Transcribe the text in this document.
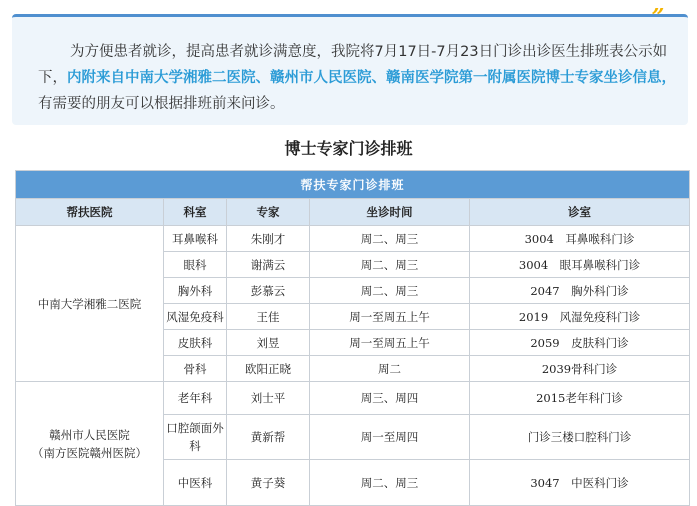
”

为方便患者就诊，提高患者就诊满意度，我院将7月17日-7月23日门诊出诊医生排班表公示如下，内附来自中南大学湘雅二医院、赣州市人民医院、赣南医学院第一附属医院博士专家坐诊信息，有需要的朋友可以根据排班前来问诊。

博士专家门诊排班
帮扶专家门诊排班				
帮扶医院	科室	专家	坐诊时间	诊室
中南大学湘雅二医院	耳鼻喉科	朱刚才	周二、周三	3004　耳鼻喉科门诊
	眼科	谢满云	周二、周三	3004　眼耳鼻喉科门诊
	胸外科	彭慕云	周二、周三	2047　胸外科门诊
	风湿免疫科	王佳	周一至周五上午	2019　风湿免疫科门诊
	皮肤科	刘昱	周一至周五上午	2059　皮肤科门诊
	骨科	欧阳正晓	周二	2039骨科门诊

赣州市人民医院
（南方医院赣州医院）	老年科	刘士平	周三、周四	2015老年科门诊
	口腔颌面外科	黄新帮	周一至周四	门诊三楼口腔科门诊
	中医科	黄子葵	周二、周三	3047　中医科门诊
